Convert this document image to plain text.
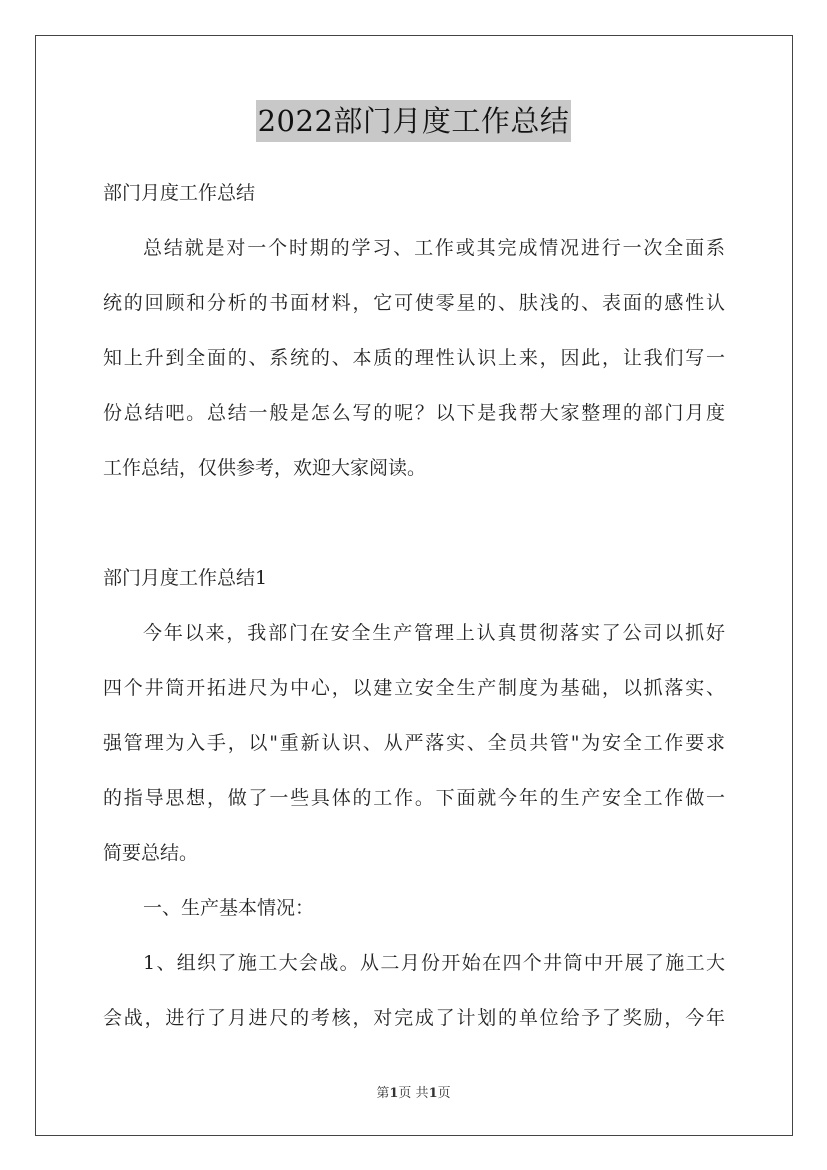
2022部门月度工作总结
部门月度工作总结
总结就是对一个时期的学习、工作或其完成情况进行一次全面系
统的回顾和分析的书面材料，它可使零星的、肤浅的、表面的感性认
知上升到全面的、系统的、本质的理性认识上来，因此，让我们写一
份总结吧。总结一般是怎么写的呢？以下是我帮大家整理的部门月度
工作总结，仅供参考，欢迎大家阅读。
部门月度工作总结1
今年以来，我部门在安全生产管理上认真贯彻落实了公司以抓好
四个井筒开拓进尺为中心，以建立安全生产制度为基础，以抓落实、
强管理为入手，以"重新认识、从严落实、全员共管"为安全工作要求
的指导思想，做了一些具体的工作。下面就今年的生产安全工作做一
简要总结。
一、生产基本情况：
1、组织了施工大会战。从二月份开始在四个井筒中开展了施工大
会战，进行了月进尺的考核，对完成了计划的单位给予了奖励，今年
第1页 共1页
